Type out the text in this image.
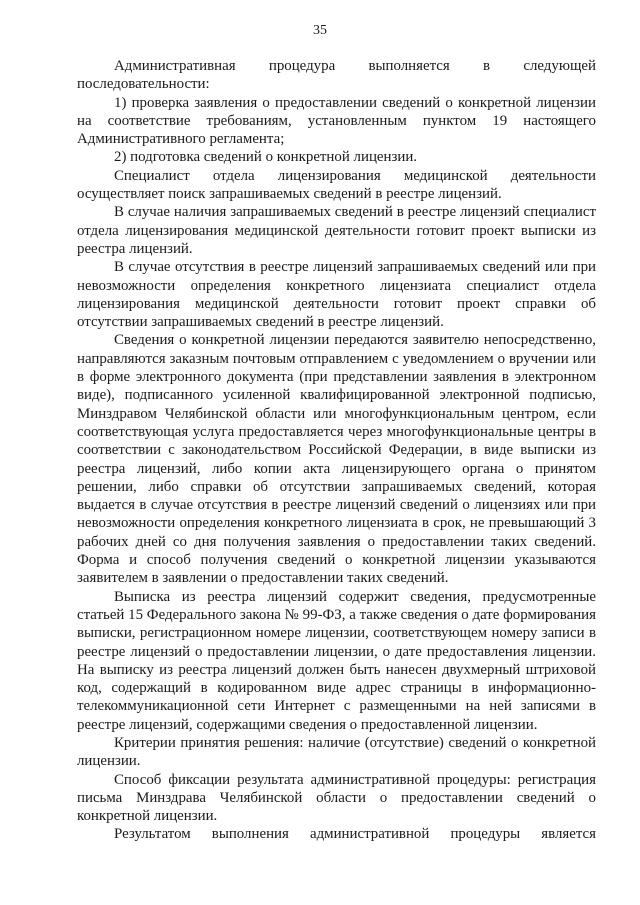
35

Административная процедура выполняется в следующей последовательности:

1) проверка заявления о предоставлении сведений о конкретной лицензии на соответствие требованиям, установленным пунктом 19 настоящего Административного регламента;

2) подготовка сведений о конкретной лицензии.

Специалист отдела лицензирования медицинской деятельности осуществляет поиск запрашиваемых сведений в реестре лицензий.

В случае наличия запрашиваемых сведений в реестре лицензий специалист отдела лицензирования медицинской деятельности готовит проект выписки из реестра лицензий.

В случае отсутствия в реестре лицензий запрашиваемых сведений или при невозможности определения конкретного лицензиата специалист отдела лицензирования медицинской деятельности готовит проект справки об отсутствии запрашиваемых сведений в реестре лицензий.

Сведения о конкретной лицензии передаются заявителю непосредственно, направляются заказным почтовым отправлением с уведомлением о вручении или в форме электронного документа (при представлении заявления в электронном виде), подписанного усиленной квалифицированной электронной подписью, Минздравом Челябинской области или многофункциональным центром, если соответствующая услуга предоставляется через многофункциональные центры в соответствии с законодательством Российской Федерации, в виде выписки из реестра лицензий, либо копии акта лицензирующего органа о принятом решении, либо справки об отсутствии запрашиваемых сведений, которая выдается в случае отсутствия в реестре лицензий сведений о лицензиях или при невозможности определения конкретного лицензиата в срок, не превышающий 3 рабочих дней со дня получения заявления о предоставлении таких сведений. Форма и способ получения сведений о конкретной лицензии указываются заявителем в заявлении о предоставлении таких сведений.

Выписка из реестра лицензий содержит сведения, предусмотренные статьей 15 Федерального закона № 99-ФЗ, а также сведения о дате формирования выписки, регистрационном номере лицензии, соответствующем номеру записи в реестре лицензий о предоставлении лицензии, о дате предоставления лицензии. На выписку из реестра лицензий должен быть нанесен двухмерный штриховой код, содержащий в кодированном виде адрес страницы в информационно-телекоммуникационной сети Интернет с размещенными на ней записями в реестре лицензий, содержащими сведения о предоставленной лицензии.

Критерии принятия решения: наличие (отсутствие) сведений о конкретной лицензии.

Способ фиксации результата административной процедуры: регистрация письма Минздрава Челябинской области о предоставлении сведений о конкретной лицензии.

Результатом выполнения административной процедуры является
